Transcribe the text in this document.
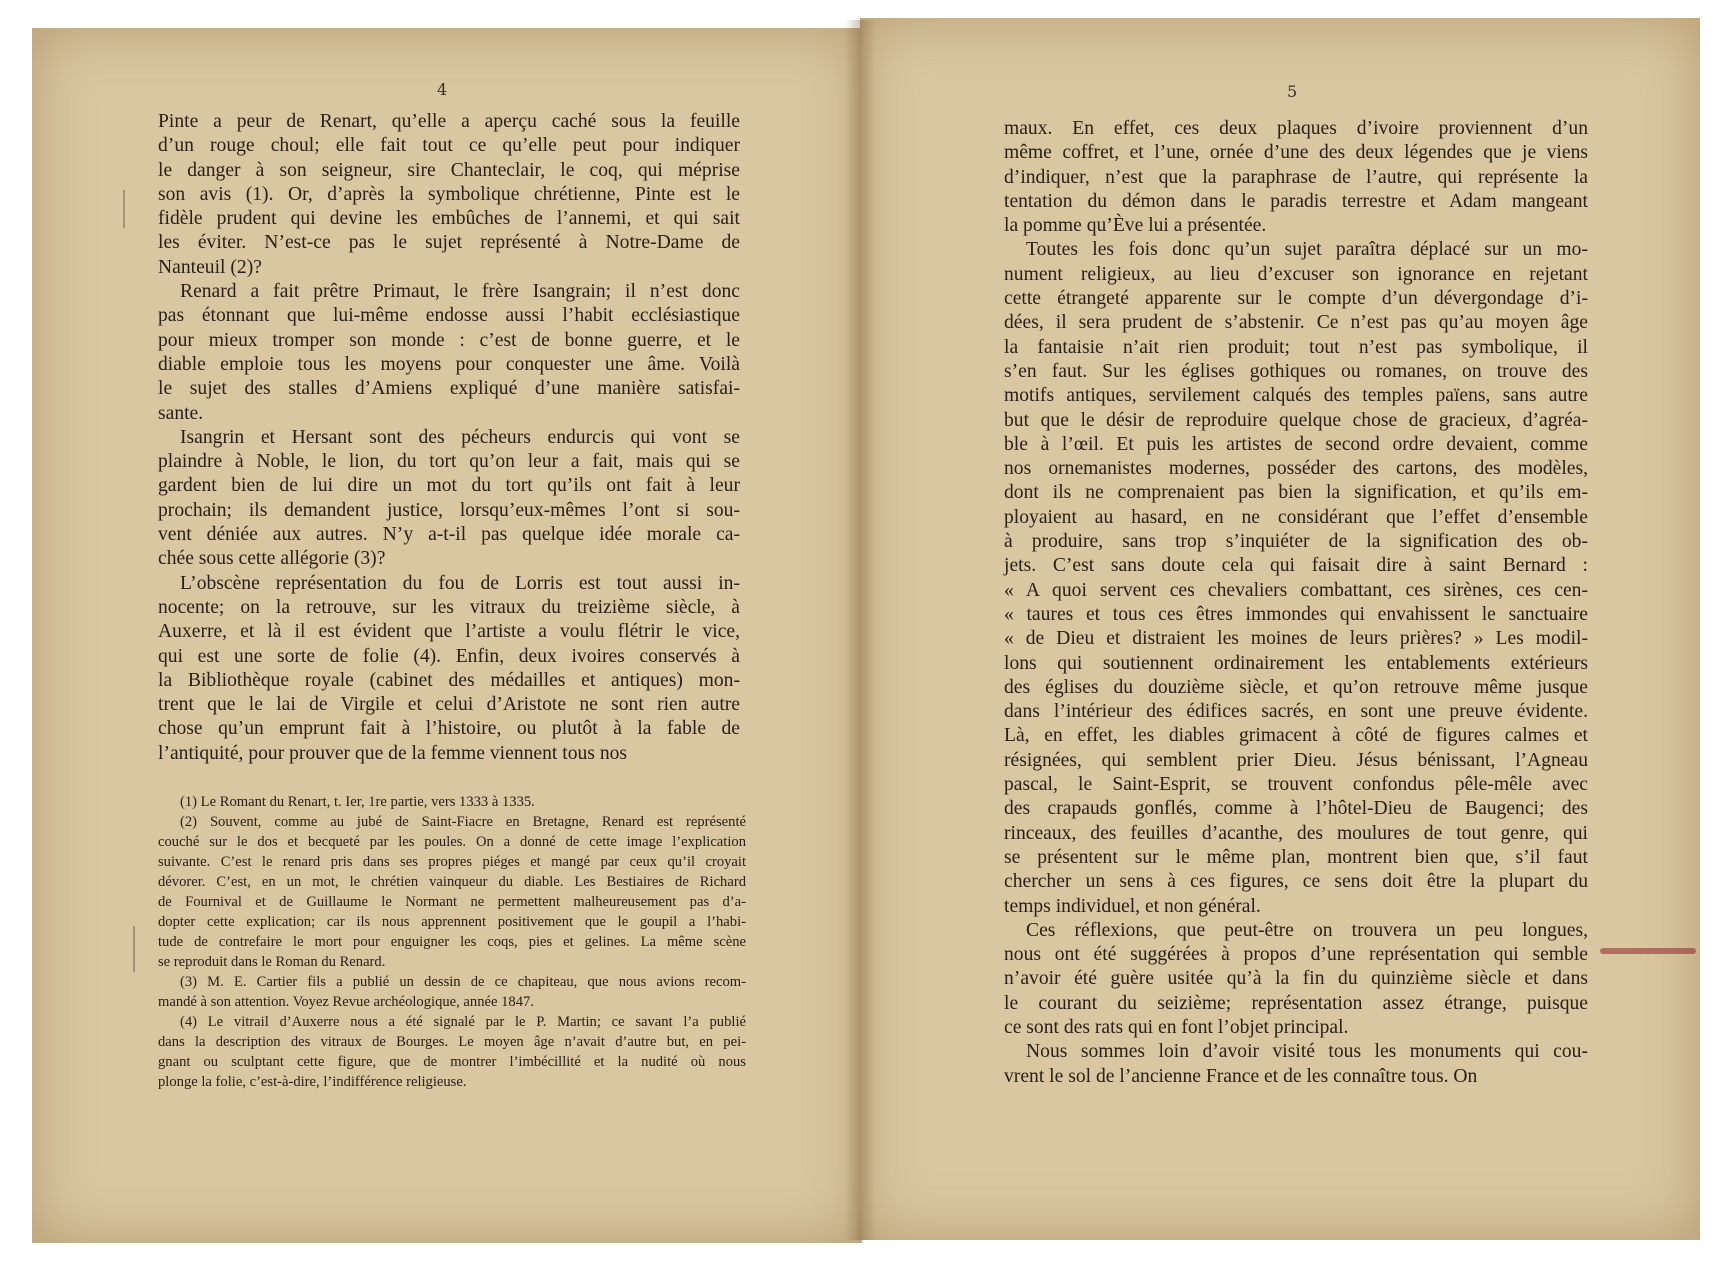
4	5
Pinte a peur de Renart, qu’elle a aperçu caché sous la feuille
d’un rouge choul; elle fait tout ce qu’elle peut pour indiquer
le danger à son seigneur, sire Chanteclair, le coq, qui méprise
son avis (1). Or, d’après la symbolique chrétienne, Pinte est le
fidèle prudent qui devine les embûches de l’annemi, et qui sait
les éviter. N’est-ce pas le sujet représenté à Notre-Dame de
Nanteuil (2)?
Renard a fait prêtre Primaut, le frère Isangrain; il n’est donc
pas étonnant que lui-même endosse aussi l’habit ecclésiastique
pour mieux tromper son monde : c’est de bonne guerre, et le
diable emploie tous les moyens pour conquester une âme. Voilà
le sujet des stalles d’Amiens expliqué d’une manière satisfai-
sante.
Isangrin et Hersant sont des pécheurs endurcis qui vont se
plaindre à Noble, le lion, du tort qu’on leur a fait, mais qui se
gardent bien de lui dire un mot du tort qu’ils ont fait à leur
prochain; ils demandent justice, lorsqu’eux-mêmes l’ont si sou-
vent déniée aux autres. N’y a-t-il pas quelque idée morale ca-
chée sous cette allégorie (3)?
L’obscène représentation du fou de Lorris est tout aussi in-
nocente; on la retrouve, sur les vitraux du treizième siècle, à
Auxerre, et là il est évident que l’artiste a voulu flétrir le vice,
qui est une sorte de folie (4). Enfin, deux ivoires conservés à
la Bibliothèque royale (cabinet des médailles et antiques) mon-
trent que le lai de Virgile et celui d’Aristote ne sont rien autre
chose qu’un emprunt fait à l’histoire, ou plutôt à la fable de
l’antiquité, pour prouver que de la femme viennent tous nos
(1) Le Romant du Renart, t. Ier, 1re partie, vers 1333 à 1335.
(2) Souvent, comme au jubé de Saint-Fiacre en Bretagne, Renard est représenté
couché sur le dos et becqueté par les poules. On a donné de cette image l’explication
suivante. C’est le renard pris dans ses propres piéges et mangé par ceux qu’il croyait
dévorer. C’est, en un mot, le chrétien vainqueur du diable. Les Bestiaires de Richard
de Fournival et de Guillaume le Normant ne permettent malheureusement pas d’a-
dopter cette explication; car ils nous apprennent positivement que le goupil a l’habi-
tude de contrefaire le mort pour enguigner les coqs, pies et gelines. La même scène
se reproduit dans le Roman du Renard.
(3) M. E. Cartier fils a publié un dessin de ce chapiteau, que nous avions recom-
mandé à son attention. Voyez Revue archéologique, année 1847.
(4) Le vitrail d’Auxerre nous a été signalé par le P. Martin; ce savant l’a publié
dans la description des vitraux de Bourges. Le moyen âge n’avait d’autre but, en pei-
gnant ou sculptant cette figure, que de montrer l’imbécillité et la nudité où nous
plonge la folie, c’est-à-dire, l’indifférence religieuse.
maux. En effet, ces deux plaques d’ivoire proviennent d’un
même coffret, et l’une, ornée d’une des deux légendes que je viens
d’indiquer, n’est que la paraphrase de l’autre, qui représente la
tentation du démon dans le paradis terrestre et Adam mangeant
la pomme qu’Ève lui a présentée.
Toutes les fois donc qu’un sujet paraîtra déplacé sur un mo-
nument religieux, au lieu d’excuser son ignorance en rejetant
cette étrangeté apparente sur le compte d’un dévergondage d’i-
dées, il sera prudent de s’abstenir. Ce n’est pas qu’au moyen âge
la fantaisie n’ait rien produit; tout n’est pas symbolique, il
s’en faut. Sur les églises gothiques ou romanes, on trouve des
motifs antiques, servilement calqués des temples païens, sans autre
but que le désir de reproduire quelque chose de gracieux, d’agréa-
ble à l’œil. Et puis les artistes de second ordre devaient, comme
nos ornemanistes modernes, posséder des cartons, des modèles,
dont ils ne comprenaient pas bien la signification, et qu’ils em-
ployaient au hasard, en ne considérant que l’effet d’ensemble
à produire, sans trop s’inquiéter de la signification des ob-
jets. C’est sans doute cela qui faisait dire à saint Bernard :
« A quoi servent ces chevaliers combattant, ces sirènes, ces cen-
« taures et tous ces êtres immondes qui envahissent le sanctuaire
« de Dieu et distraient les moines de leurs prières? » Les modil-
lons qui soutiennent ordinairement les entablements extérieurs
des églises du douzième siècle, et qu’on retrouve même jusque
dans l’intérieur des édifices sacrés, en sont une preuve évidente.
Là, en effet, les diables grimacent à côté de figures calmes et
résignées, qui semblent prier Dieu. Jésus bénissant, l’Agneau
pascal, le Saint-Esprit, se trouvent confondus pêle-mêle avec
des crapauds gonflés, comme à l’hôtel-Dieu de Baugenci; des
rinceaux, des feuilles d’acanthe, des moulures de tout genre, qui
se présentent sur le même plan, montrent bien que, s’il faut
chercher un sens à ces figures, ce sens doit être la plupart du
temps individuel, et non général.
Ces réflexions, que peut-être on trouvera un peu longues,
nous ont été suggérées à propos d’une représentation qui semble
n’avoir été guère usitée qu’à la fin du quinzième siècle et dans
le courant du seizième; représentation assez étrange, puisque
ce sont des rats qui en font l’objet principal.
Nous sommes loin d’avoir visité tous les monuments qui cou-
vrent le sol de l’ancienne France et de les connaître tous. On
